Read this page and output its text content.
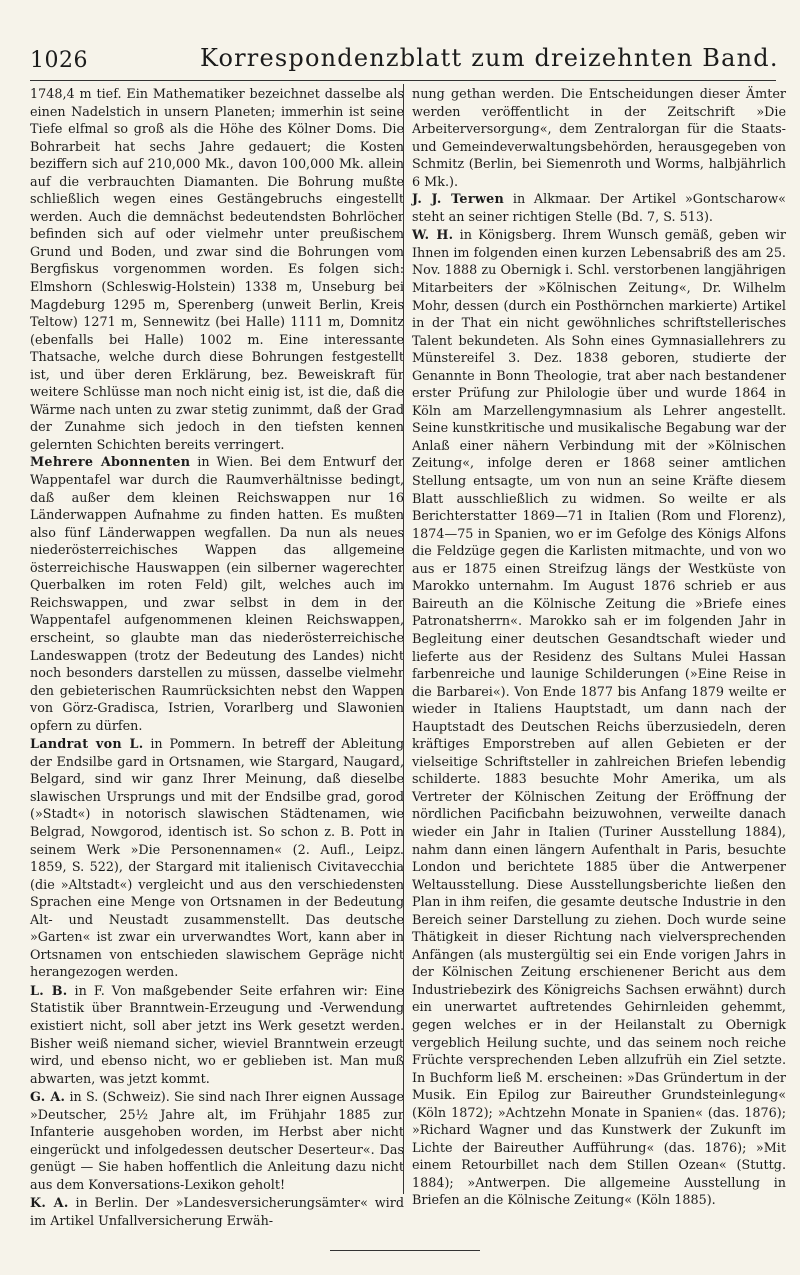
1026	Korrespondenzblatt zum dreizehnten Band.

1748,4 m tief. Ein Mathematiker bezeichnet dasselbe als einen Nadelstich in unsern Planeten; immerhin ist seine Tiefe elfmal so groß als die Höhe des Kölner Doms. Die Bohrarbeit hat sechs Jahre gedauert; die Kosten beziffern sich auf 210,000 Mk., davon 100,000 Mk. allein auf die verbrauchten Diamanten. Die Bohrung mußte schließlich wegen eines Gestängebruchs eingestellt werden. Auch die demnächst bedeutendsten Bohrlöcher befinden sich auf oder vielmehr unter preußischem Grund und Boden, und zwar sind die Bohrungen vom Bergfiskus vorgenommen worden. Es folgen sich: Elmshorn (Schleswig-Holstein) 1338 m, Unseburg bei Magdeburg 1295 m, Sperenberg (unweit Berlin, Kreis Teltow) 1271 m, Sennewitz (bei Halle) 1111 m, Domnitz (ebenfalls bei Halle) 1002 m. Eine interessante Thatsache, welche durch diese Bohrungen festgestellt ist, und über deren Erklärung, bez. Beweiskraft für weitere Schlüsse man noch nicht einig ist, ist die, daß die Wärme nach unten zu zwar stetig zunimmt, daß der Grad der Zunahme sich jedoch in den tiefsten kennen gelernten Schichten bereits verringert.

Mehrere Abonnenten in Wien. Bei dem Entwurf der Wappentafel war durch die Raumverhältnisse bedingt, daß außer dem kleinen Reichswappen nur 16 Länderwappen Aufnahme zu finden hatten. Es mußten also fünf Länderwappen wegfallen. Da nun als neues niederösterreichisches Wappen das allgemeine österreichische Hauswappen (ein silberner wagerechter Querbalken im roten Feld) gilt, welches auch im Reichswappen, und zwar selbst in dem in der Wappentafel aufgenommenen kleinen Reichswappen, erscheint, so glaubte man das niederösterreichische Landeswappen (trotz der Bedeutung des Landes) nicht noch besonders darstellen zu müssen, dasselbe vielmehr den gebieterischen Raumrücksichten nebst den Wappen von Görz-Gradisca, Istrien, Vorarlberg und Slawonien opfern zu dürfen.

Landrat von L. in Pommern. In betreff der Ableitung der Endsilbe gard in Ortsnamen, wie Stargard, Naugard, Belgard, sind wir ganz Ihrer Meinung, daß dieselbe slawischen Ursprungs und mit der Endsilbe grad, gorod (»Stadt«) in notorisch slawischen Städtenamen, wie Belgrad, Nowgorod, identisch ist. So schon z. B. Pott in seinem Werk »Die Personennamen« (2. Aufl., Leipz. 1859, S. 522), der Stargard mit italienisch Civitavecchia (die »Altstadt«) vergleicht und aus den verschiedensten Sprachen eine Menge von Ortsnamen in der Bedeutung Alt- und Neustadt zusammenstellt. Das deutsche »Garten« ist zwar ein urverwandtes Wort, kann aber in Ortsnamen von entschieden slawischem Gepräge nicht herangezogen werden.

L. B. in F. Von maßgebender Seite erfahren wir: Eine Statistik über Branntwein-Erzeugung und -Verwendung existiert nicht, soll aber jetzt ins Werk gesetzt werden. Bisher weiß niemand sicher, wieviel Branntwein erzeugt wird, und ebenso nicht, wo er geblieben ist. Man muß abwarten, was jetzt kommt.

G. A. in S. (Schweiz). Sie sind nach Ihrer eignen Aussage »Deutscher, 25½ Jahre alt, im Frühjahr 1885 zur Infanterie ausgehoben worden, im Herbst aber nicht eingerückt und infolgedessen deutscher Deserteur«. Das genügt — Sie haben hoffentlich die Anleitung dazu nicht aus dem Konversations-Lexikon geholt!

K. A. in Berlin. Der »Landesversicherungsämter« wird im Artikel Unfallversicherung Erwäh-

nung gethan werden. Die Entscheidungen dieser Ämter werden veröffentlicht in der Zeitschrift »Die Arbeiterversorgung«, dem Zentralorgan für die Staats- und Gemeindeverwaltungsbehörden, herausgegeben von Schmitz (Berlin, bei Siemenroth und Worms, halbjährlich 6 Mk.).

J. J. Terwen in Alkmaar. Der Artikel »Gontscharow« steht an seiner richtigen Stelle (Bd. 7, S. 513).

W. H. in Königsberg. Ihrem Wunsch gemäß, geben wir Ihnen im folgenden einen kurzen Lebensabriß des am 25. Nov. 1888 zu Obernigk i. Schl. verstorbenen langjährigen Mitarbeiters der »Kölnischen Zeitung«, Dr. Wilhelm Mohr, dessen (durch ein Posthörnchen markierte) Artikel in der That ein nicht gewöhnliches schriftstellerisches Talent bekundeten. Als Sohn eines Gymnasiallehrers zu Münstereifel 3. Dez. 1838 geboren, studierte der Genannte in Bonn Theologie, trat aber nach bestandener erster Prüfung zur Philologie über und wurde 1864 in Köln am Marzellengymnasium als Lehrer angestellt. Seine kunstkritische und musikalische Begabung war der Anlaß einer nähern Verbindung mit der »Kölnischen Zeitung«, infolge deren er 1868 seiner amtlichen Stellung entsagte, um von nun an seine Kräfte diesem Blatt ausschließlich zu widmen. So weilte er als Berichterstatter 1869—71 in Italien (Rom und Florenz), 1874—75 in Spanien, wo er im Gefolge des Königs Alfons die Feldzüge gegen die Karlisten mitmachte, und von wo aus er 1875 einen Streifzug längs der Westküste von Marokko unternahm. Im August 1876 schrieb er aus Baireuth an die Kölnische Zeitung die »Briefe eines Patronatsherrn«. Marokko sah er im folgenden Jahr in Begleitung einer deutschen Gesandtschaft wieder und lieferte aus der Residenz des Sultans Mulei Hassan farbenreiche und launige Schilderungen (»Eine Reise in die Barbarei«). Von Ende 1877 bis Anfang 1879 weilte er wieder in Italiens Hauptstadt, um dann nach der Hauptstadt des Deutschen Reichs überzusiedeln, deren kräftiges Emporstreben auf allen Gebieten er der vielseitige Schriftsteller in zahlreichen Briefen lebendig schilderte. 1883 besuchte Mohr Amerika, um als Vertreter der Kölnischen Zeitung der Eröffnung der nördlichen Pacificbahn beizuwohnen, verweilte danach wieder ein Jahr in Italien (Turiner Ausstellung 1884), nahm dann einen längern Aufenthalt in Paris, besuchte London und berichtete 1885 über die Antwerpener Weltausstellung. Diese Ausstellungsberichte ließen den Plan in ihm reifen, die gesamte deutsche Industrie in den Bereich seiner Darstellung zu ziehen. Doch wurde seine Thätigkeit in dieser Richtung nach vielversprechenden Anfängen (als mustergültig sei ein Ende vorigen Jahrs in der Kölnischen Zeitung erschienener Bericht aus dem Industriebezirk des Königreichs Sachsen erwähnt) durch ein unerwartet auftretendes Gehirnleiden gehemmt, gegen welches er in der Heilanstalt zu Obernigk vergeblich Heilung suchte, und das seinem noch reiche Früchte versprechenden Leben allzufrüh ein Ziel setzte. In Buchform ließ M. erscheinen: »Das Gründertum in der Musik. Ein Epilog zur Baireuther Grundsteinlegung« (Köln 1872); »Achtzehn Monate in Spanien« (das. 1876); »Richard Wagner und das Kunstwerk der Zukunft im Lichte der Baireuther Aufführung« (das. 1876); »Mit einem Retourbillet nach dem Stillen Ozean« (Stuttg. 1884); »Antwerpen. Die allgemeine Ausstellung in Briefen an die Kölnische Zeitung« (Köln 1885).
